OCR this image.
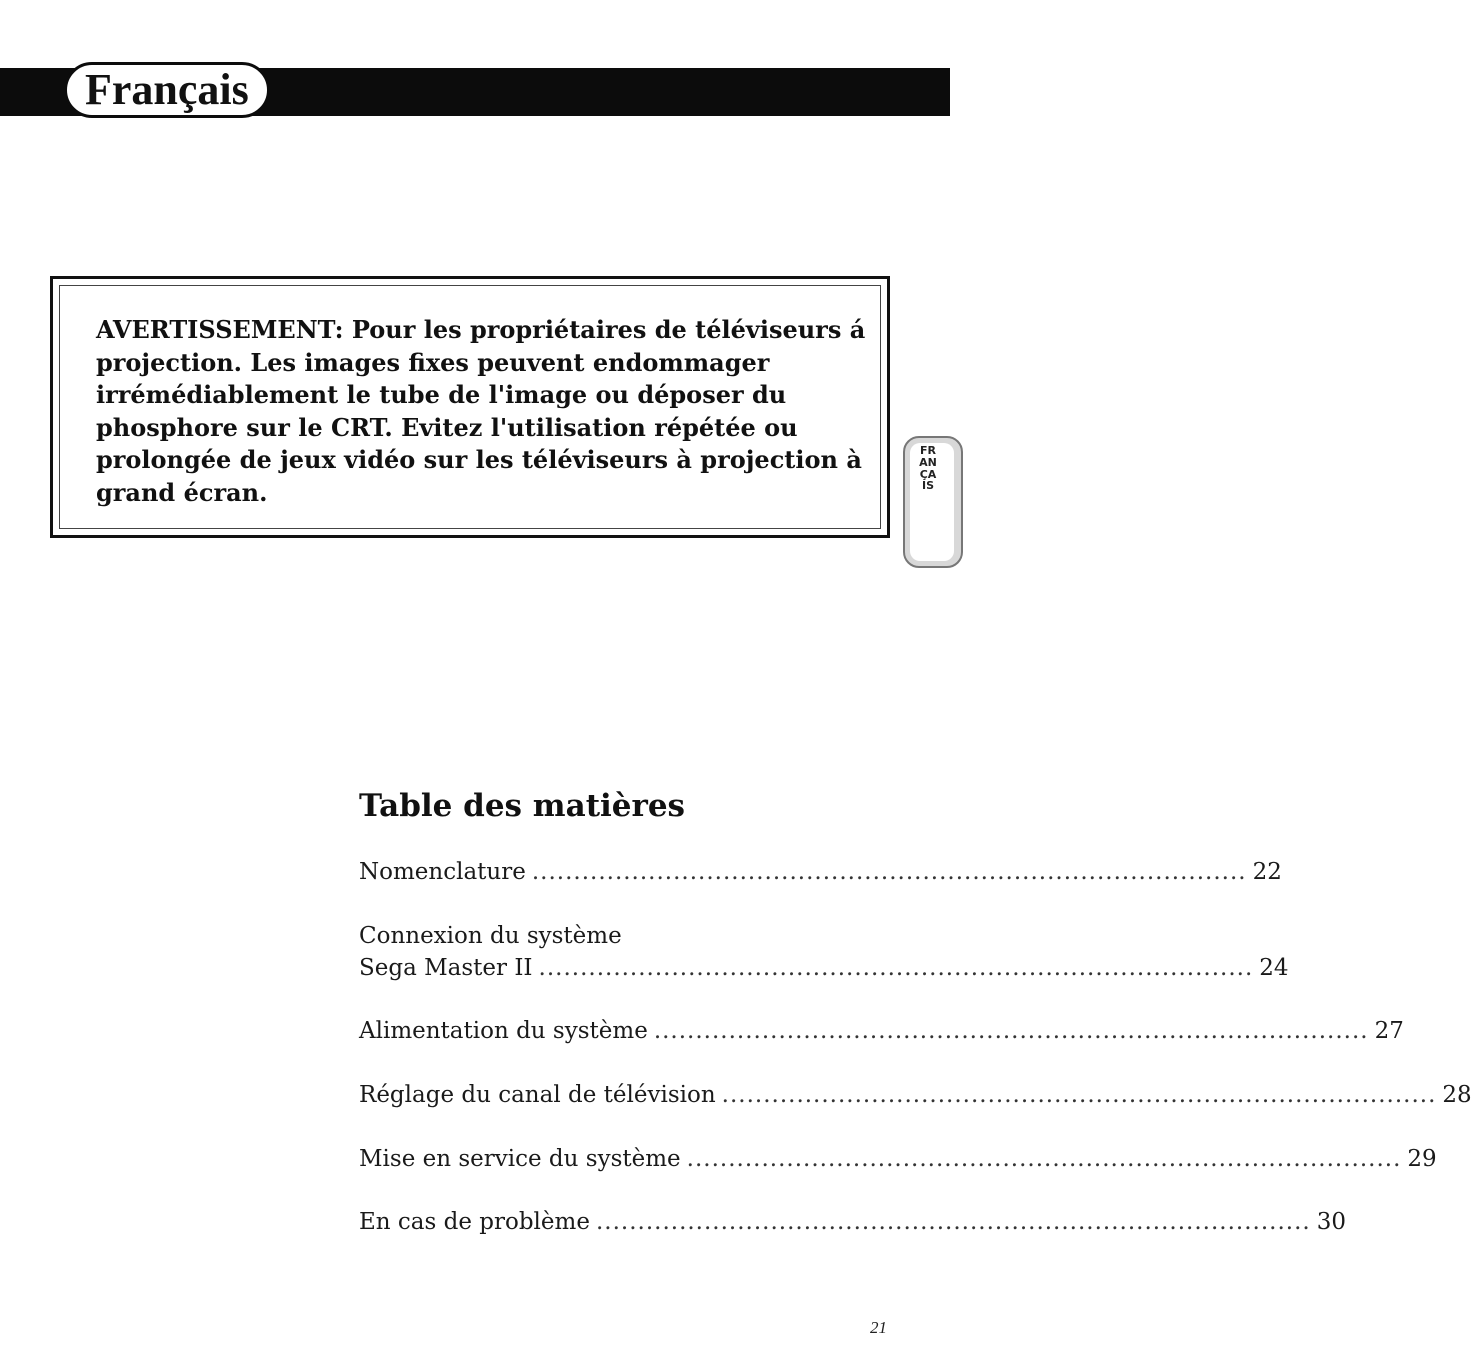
Français

AVERTISSEMENT: Pour les propriétaires de téléviseurs á projection. Les images fixes peuvent endommager irrémédiablement le tube de l'image ou déposer du phosphore sur le CRT. Evitez l'utilisation répétée ou prolongée de jeux vidéo sur les téléviseurs à projection à grand écran.

FRANÇAIS
Table des matières
Nomenclature ...................................................................................... 22
Connexion du système
Sega Master II ...................................................................................... 24
Alimentation du système ...................................................................................... 27
Réglage du canal de télévision ...................................................................................... 28
Mise en service du système ...................................................................................... 29
En cas de problème ...................................................................................... 30
21
